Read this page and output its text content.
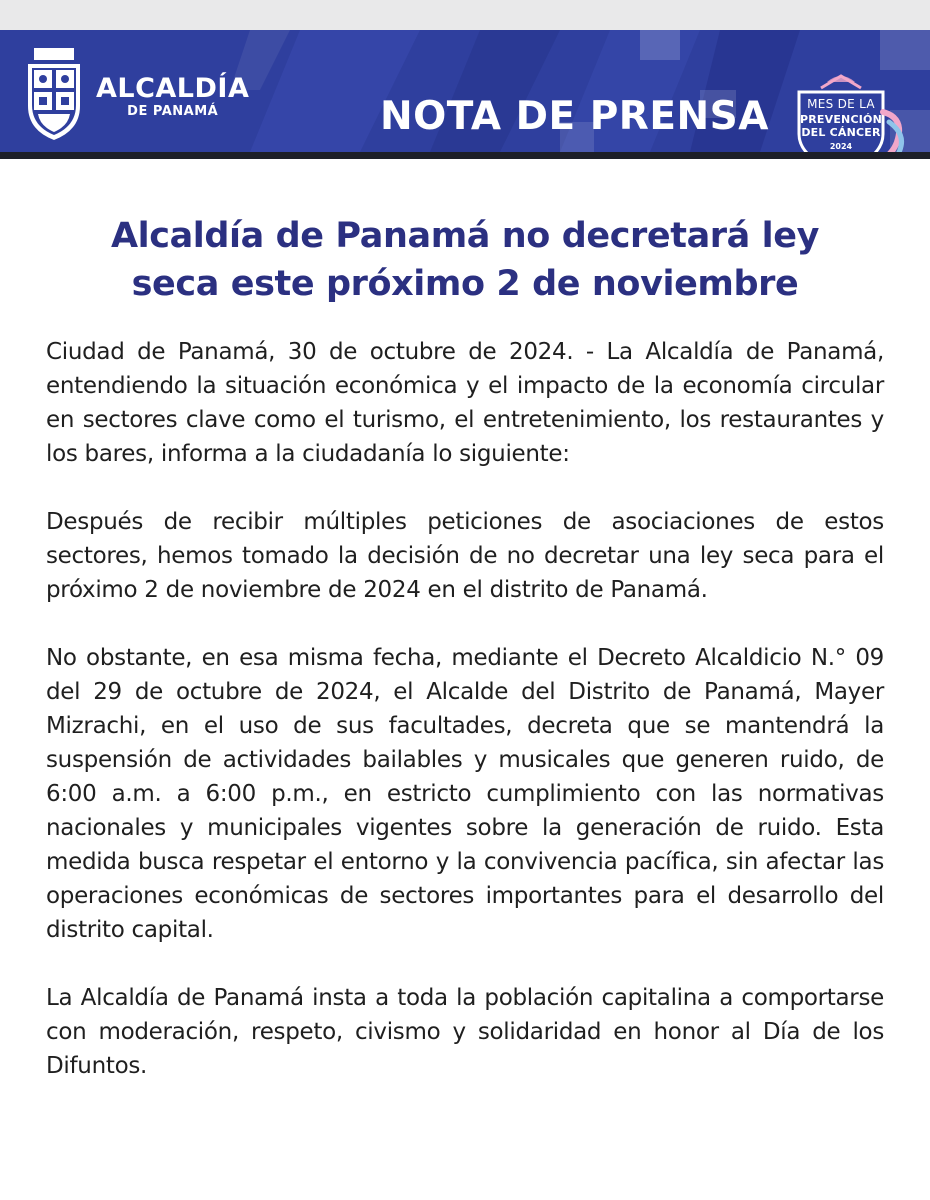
ALCALDÍA
DE PANAMÁ	NOTA DE PRENSA	MES DE LA
PREVENCIÓN
DEL CÁNCER
2024
Alcaldía de Panamá no decretará ley
seca este próximo 2 de noviembre

Ciudad de Panamá, 30 de octubre de 2024. - La Alcaldía de Panamá, entendiendo la situación económica y el impacto de la economía circular en sectores clave como el turismo, el entretenimiento, los restaurantes y los bares, informa a la ciudadanía lo siguiente:

Después de recibir múltiples peticiones de asociaciones de estos sectores, hemos tomado la decisión de no decretar una ley seca para el próximo 2 de noviembre de 2024 en el distrito de Panamá.

No obstante, en esa misma fecha, mediante el Decreto Alcaldicio N.° 09 del 29 de octubre de 2024, el Alcalde del Distrito de Panamá, Mayer Mizrachi, en el uso de sus facultades, decreta que se mantendrá la suspensión de actividades bailables y musicales que generen ruido, de 6:00 a.m. a 6:00 p.m., en estricto cumplimiento con las normativas nacionales y municipales vigentes sobre la generación de ruido. Esta medida busca respetar el entorno y la convivencia pacífica, sin afectar las operaciones económicas de sectores importantes para el desarrollo del distrito capital.

La Alcaldía de Panamá insta a toda la población capitalina a comportarse con moderación, respeto, civismo y solidaridad en honor al Día de los Difuntos.
